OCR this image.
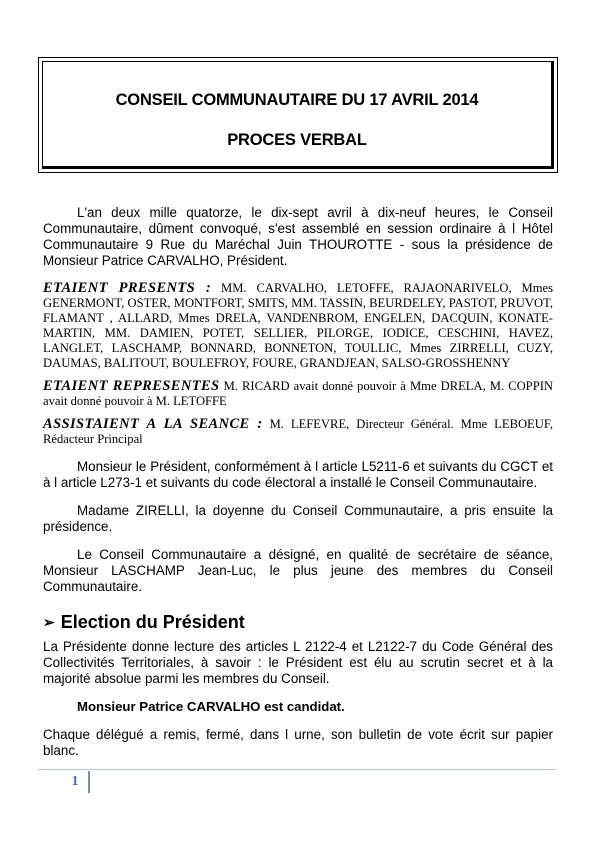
CONSEIL COMMUNAUTAIRE DU 17 AVRIL 2014
PROCES VERBAL

L'an deux mille quatorze, le dix-sept avril à dix-neuf heures, le Conseil Communautaire, dûment convoqué, s'est assemblé en session ordinaire à l Hôtel Communautaire 9 Rue du Maréchal Juin THOUROTTE - sous la présidence de Monsieur Patrice CARVALHO, Président.

ETAIENT PRESENTS : MM. CARVALHO, LETOFFE, RAJAONARIVELO, Mmes GENERMONT, OSTER, MONTFORT, SMITS, MM. TASSIN, BEURDELEY, PASTOT, PRUVOT, FLAMANT , ALLARD, Mmes DRELA, VANDENBROM, ENGELEN, DACQUIN, KONATE-MARTIN, MM. DAMIEN, POTET, SELLIER, PILORGE, IODICE, CESCHINI, HAVEZ, LANGLET, LASCHAMP, BONNARD, BONNETON, TOULLIC, Mmes ZIRRELLI, CUZY, DAUMAS, BALITOUT, BOULEFROY, FOURE, GRANDJEAN, SALSO-GROSSHENNY

ETAIENT REPRESENTES M. RICARD avait donné pouvoir à Mme DRELA, M. COPPIN avait donné pouvoir à M. LETOFFE

ASSISTAIENT A LA SEANCE : M. LEFEVRE, Directeur Général. Mme LEBOEUF, Rédacteur Principal

Monsieur le Président, conformément à l article L5211-6 et suivants du CGCT et à l article L273-1 et suivants du code électoral a installé le Conseil Communautaire.

Madame ZIRELLI, la doyenne du Conseil Communautaire, a pris ensuite la présidence.

Le Conseil Communautaire a désigné, en qualité de secrétaire de séance, Monsieur LASCHAMP Jean-Luc, le plus jeune des membres du Conseil Communautaire.

➢ Election du Président

La Présidente donne lecture des articles L 2122-4 et L2122-7 du Code Général des Collectivités Territoriales, à savoir : le Président est élu au scrutin secret et à la majorité absolue parmi les membres du Conseil.

Monsieur Patrice CARVALHO est candidat.

Chaque délégué a remis, fermé, dans l urne, son bulletin de vote écrit sur papier blanc.

1
